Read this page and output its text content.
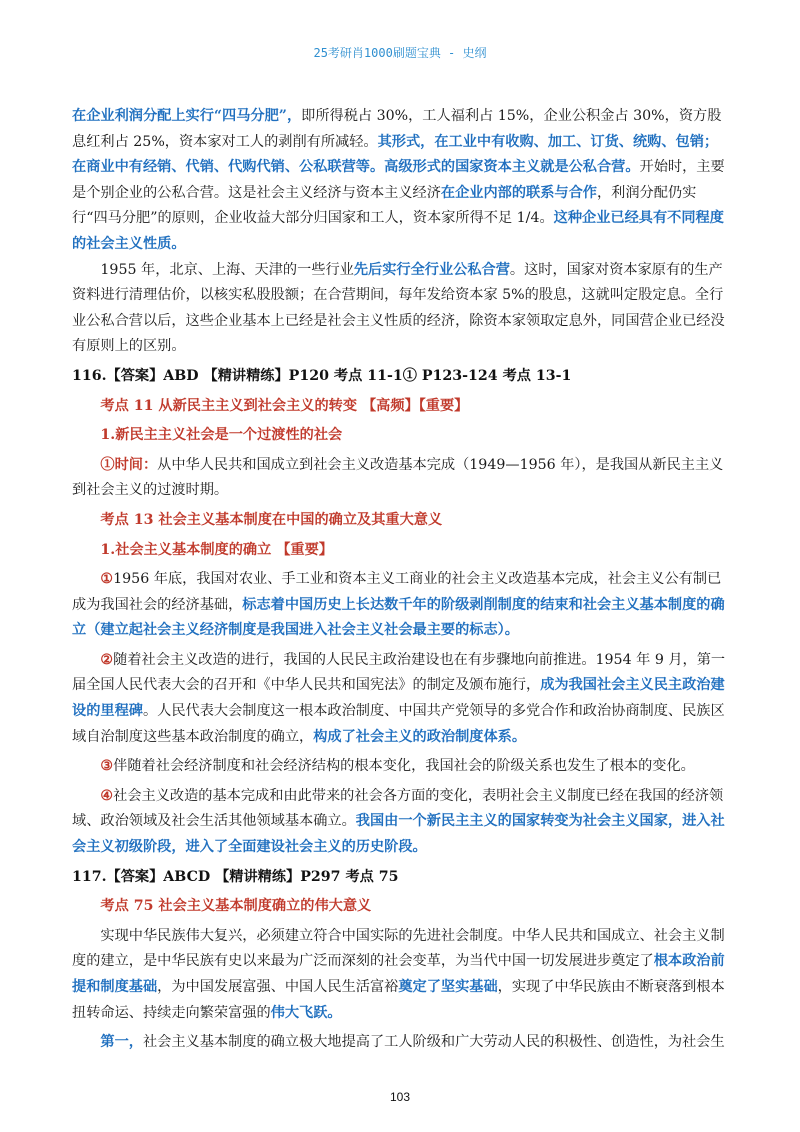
25考研肖1000刷题宝典 - 史纲

在企业利润分配上实行“四马分肥”，即所得税占 30%，工人福利占 15%，企业公积金占 30%，资方股息红利占 25%，资本家对工人的剥削有所减轻。其形式，在工业中有收购、加工、订货、统购、包销；在商业中有经销、代销、代购代销、公私联营等。高级形式的国家资本主义就是公私合营。开始时，主要是个别企业的公私合营。这是社会主义经济与资本主义经济在企业内部的联系与合作，利润分配仍实行“四马分肥”的原则，企业收益大部分归国家和工人，资本家所得不足 1/4。这种企业已经具有不同程度的社会主义性质。

1955 年，北京、上海、天津的一些行业先后实行全行业公私合营。这时，国家对资本家原有的生产资料进行清理估价，以核实私股股额；在合营期间，每年发给资本家 5%的股息，这就叫定股定息。全行业公私合营以后，这些企业基本上已经是社会主义性质的经济，除资本家领取定息外，同国营企业已经没有原则上的区别。

116.【答案】ABD 【精讲精练】P120 考点 11-1① P123-124 考点 13-1

考点 11 从新民主主义到社会主义的转变 【高频】【重要】

1.新民主主义社会是一个过渡性的社会

①时间：从中华人民共和国成立到社会主义改造基本完成（1949—1956 年），是我国从新民主主义到社会主义的过渡时期。

考点 13 社会主义基本制度在中国的确立及其重大意义

1.社会主义基本制度的确立 【重要】

①1956 年底，我国对农业、手工业和资本主义工商业的社会主义改造基本完成，社会主义公有制已成为我国社会的经济基础，标志着中国历史上长达数千年的阶级剥削制度的结束和社会主义基本制度的确立（建立起社会主义经济制度是我国进入社会主义社会最主要的标志）。

②随着社会主义改造的进行，我国的人民民主政治建设也在有步骤地向前推进。1954 年 9 月，第一届全国人民代表大会的召开和《中华人民共和国宪法》的制定及颁布施行，成为我国社会主义民主政治建设的里程碑。人民代表大会制度这一根本政治制度、中国共产党领导的多党合作和政治协商制度、民族区域自治制度这些基本政治制度的确立，构成了社会主义的政治制度体系。

③伴随着社会经济制度和社会经济结构的根本变化，我国社会的阶级关系也发生了根本的变化。

④社会主义改造的基本完成和由此带来的社会各方面的变化，表明社会主义制度已经在我国的经济领域、政治领域及社会生活其他领域基本确立。我国由一个新民主主义的国家转变为社会主义国家，进入社会主义初级阶段，进入了全面建设社会主义的历史阶段。

117.【答案】ABCD 【精讲精练】P297 考点 75

考点 75 社会主义基本制度确立的伟大意义

实现中华民族伟大复兴，必须建立符合中国实际的先进社会制度。中华人民共和国成立、社会主义制度的建立，是中华民族有史以来最为广泛而深刻的社会变革，为当代中国一切发展进步奠定了根本政治前提和制度基础，为中国发展富强、中国人民生活富裕奠定了坚实基础，实现了中华民族由不断衰落到根本扭转命运、持续走向繁荣富强的伟大飞跃。

第一，社会主义基本制度的确立极大地提高了工人阶级和广大劳动人民的积极性、创造性，为社会生

103
